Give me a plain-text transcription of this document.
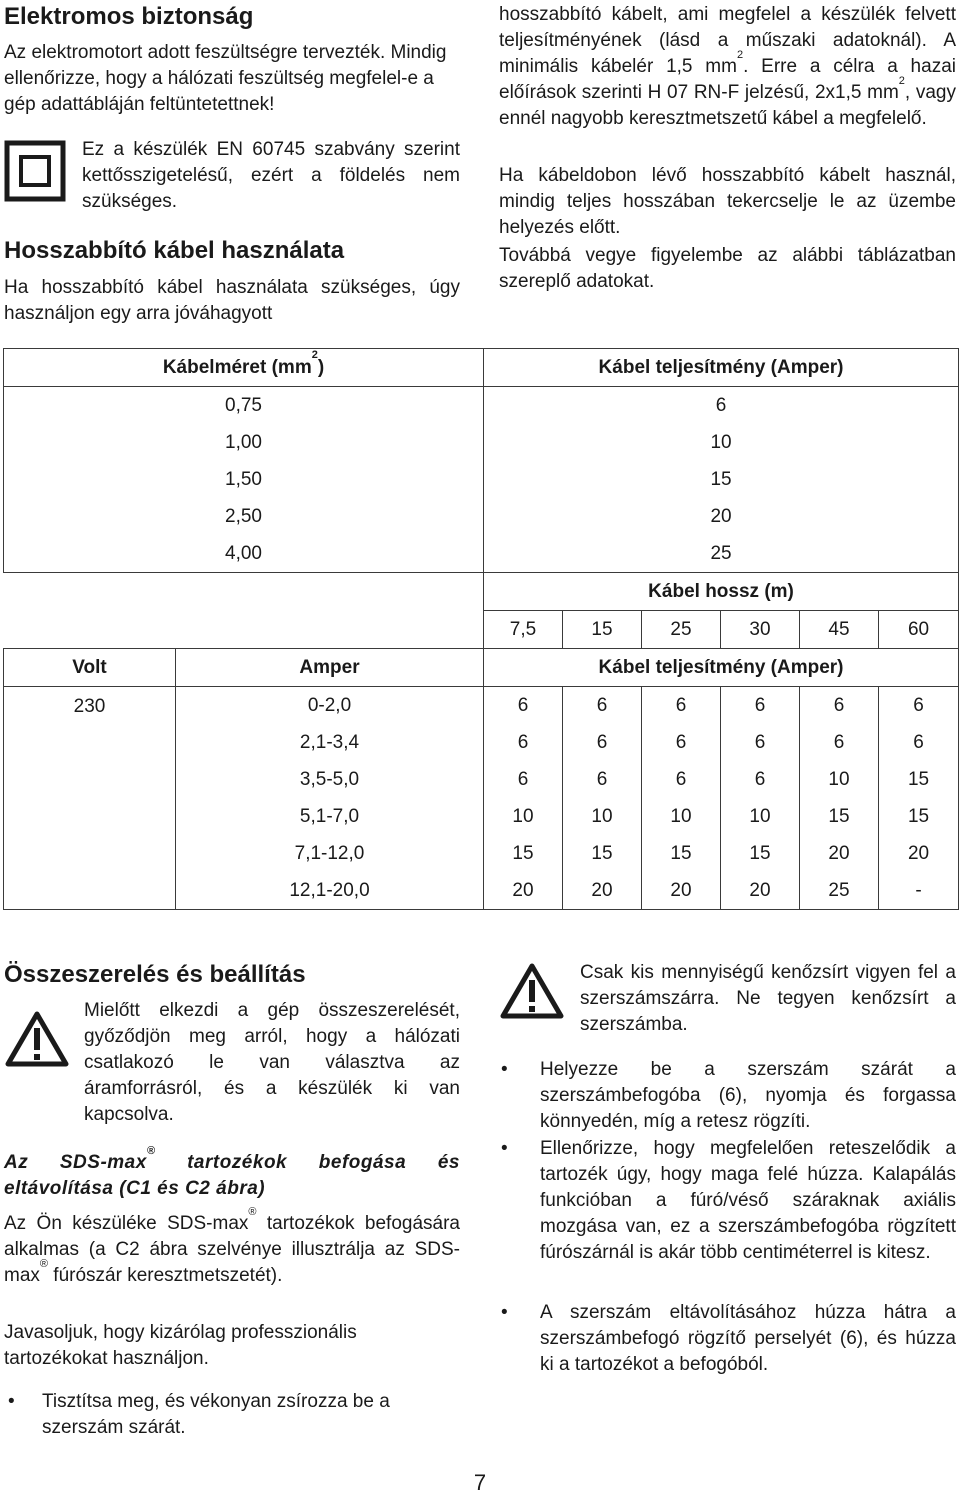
Elektromos biztonság

Az elektromotort adott feszültségre tervezték. Mindig ellenőrizze, hogy a hálózati feszültség megfelel-e a gép adattábláján feltüntetettnek!

Ez a készülék EN 60745 szabvány szerint kettősszigetelésű, ezért a földelés nem szükséges.

Hosszabbító kábel használata

Ha hosszabbító kábel használata szükséges, úgy használjon egy arra jóváhagyott

hosszabbító kábelt, ami megfelel a készülék felvett teljesítményének (lásd a műszaki adatoknál). A minimális kábelér 1,5 $mm^2$. Erre a célra a hazai előírások szerinti H 07 RN-F jelzésű, 2x1,5 $mm^2$, vagy ennél nagyobb keresztmetszetű kábel a megfelelő.

Ha kábeldobon lévő hosszabbító kábelt használ, mindig teljes hosszában tekercselje le az üzembe helyezés előtt.

Továbbá vegye figyelembe az alábbi táblázatban szereplő adatokat.

Kábelméret $(mm^2)$		Kábel teljesítmény (Amper)					
0,75		6					
1,00		10					
1,50		15					
2,50		20					
4,00		25					
		Kábel hossz (m)					
		7,5	15	25	30	45	60
Volt	Amper	Kábel teljesítmény (Amper)					
230	0-2,0	6	6	6	6	6	6
	2,1-3,4	6	6	6	6	6	6
	3,5-5,0	6	6	6	6	10	15
	5,1-7,0	10	10	10	10	15	15
	7,1-12,0	15	15	15	15	20	20
	12,1-20,0	20	20	20	20	25	-
Összeszerelés és beállítás

Mielőtt elkezdi a gép összeszerelését, győződjön meg arról, hogy a hálózati csatlakozó le van választva az áramforrásról, és a készülék ki van kapcsolva.

Az SDS-max® tartozékok befogása és eltávolítása (C1 és C2 ábra)

Az Ön készüléke SDS-max® tartozékok befogására alkalmas (a C2 ábra szelvénye illusztrálja az SDS-max® fúrószár keresztmetszetét).

Javasoljuk, hogy kizárólag professzionális tartozékokat használjon.

• Tisztítsa meg, és vékonyan zsírozza be a szerszám szárát.

Csak kis mennyiségű kenőzsírt vigyen fel a szerszámszárra. Ne tegyen kenőzsírt a szerszámba.

• Helyezze be a szerszám szárát a szerszámbefogóba (6), nyomja és forgassa könnyedén, míg a retesz rögzíti.

• Ellenőrizze, hogy megfelelően reteszelődik a tartozék úgy, hogy maga felé húzza. Kalapálás funkcióban a fúró/véső száraknak axiális mozgása van, ez a szerszámbefogóba rögzített fúrószárnál is akár több centiméterrel is kitesz.

• A szerszám eltávolításához húzza hátra a szerszámbefogó rögzítő perselyét (6), és húzza ki a tartozékot a befogóból.

7
